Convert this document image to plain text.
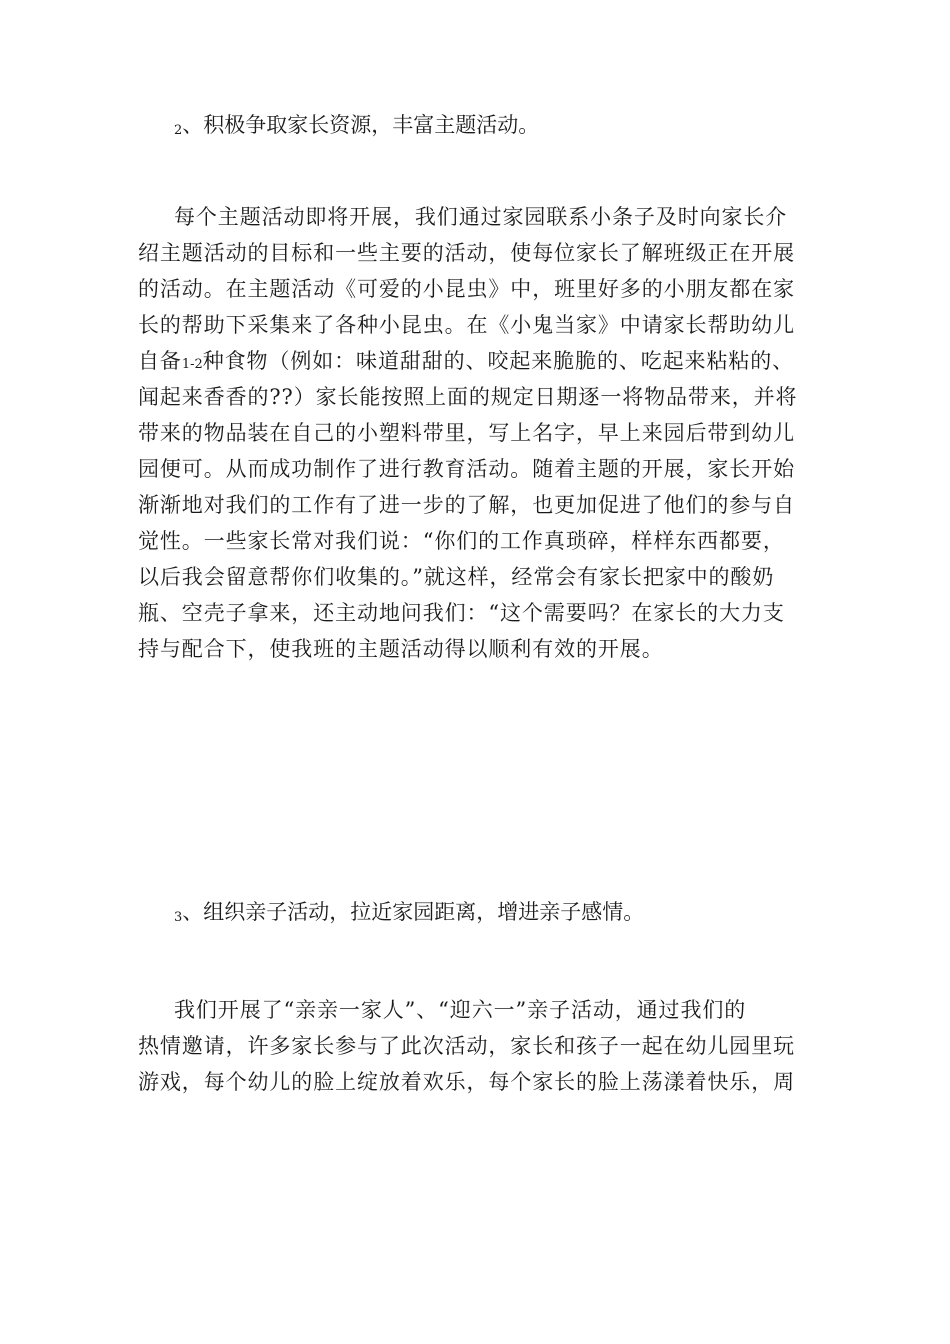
2、积极争取家长资源，丰富主题活动。
每个主题活动即将开展，我们通过家园联系小条子及时向家长介
绍主题活动的目标和一些主要的活动，使每位家长了解班级正在开展
的活动。在主题活动《可爱的小昆虫》中，班里好多的小朋友都在家
长的帮助下采集来了各种小昆虫。在《小鬼当家》中请家长帮助幼儿
自备1-2种食物（例如：味道甜甜的、咬起来脆脆的、吃起来粘粘的、
闻起来香香的??）家长能按照上面的规定日期逐一将物品带来，并将
带来的物品装在自己的小塑料带里，写上名字，早上来园后带到幼儿
园便可。从而成功制作了进行教育活动。随着主题的开展，家长开始
渐渐地对我们的工作有了进一步的了解，也更加促进了他们的参与自
觉性。一些家长常对我们说：“你们的工作真琐碎，样样东西都要，
以后我会留意帮你们收集的。”就这样，经常会有家长把家中的酸奶
瓶、空壳子拿来，还主动地问我们：“这个需要吗？在家长的大力支
持与配合下，使我班的主题活动得以顺利有效的开展。
3、组织亲子活动，拉近家园距离，增进亲子感情。
我们开展了“亲亲一家人”、“迎六一”亲子活动，通过我们的
热情邀请，许多家长参与了此次活动，家长和孩子一起在幼儿园里玩
游戏，每个幼儿的脸上绽放着欢乐，每个家长的脸上荡漾着快乐，周
